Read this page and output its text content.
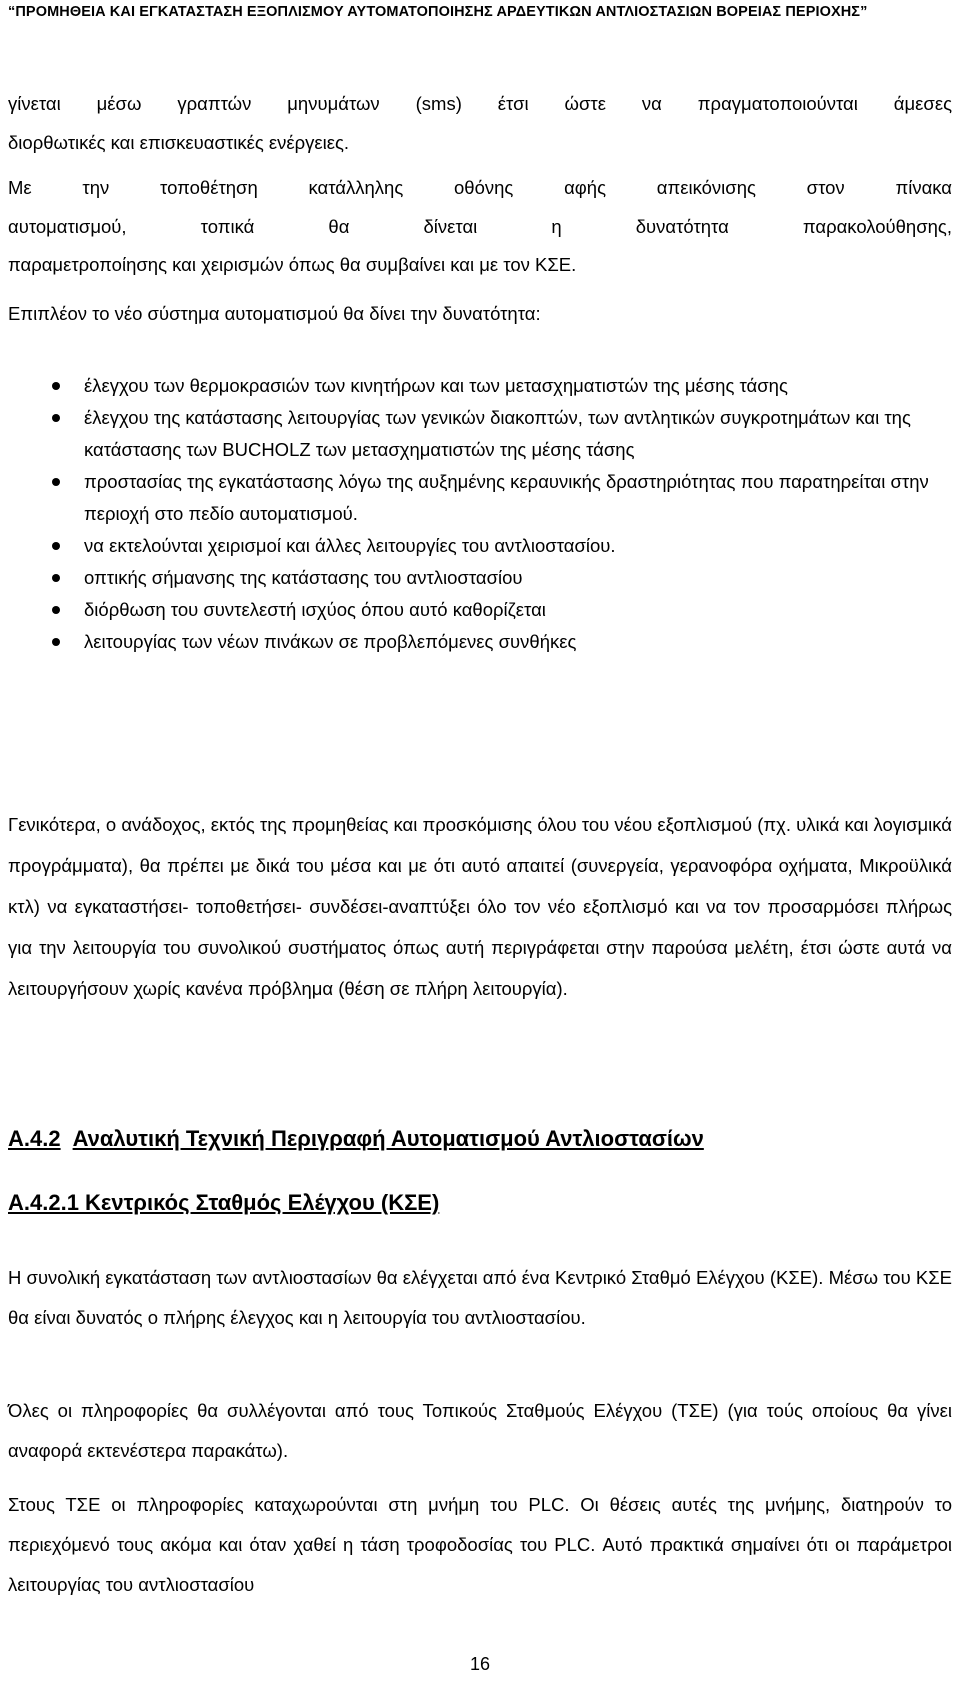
“ΠΡΟΜΗΘΕΙΑ ΚΑΙ ΕΓΚΑΤΑΣΤΑΣΗ ΕΞΟΠΛΙΣΜΟΥ ΑΥΤΟΜΑΤΟΠΟΙΗΣΗΣ ΑΡΔΕΥΤΙΚΩΝ ΑΝΤΛΙΟΣΤΑΣΙΩΝ ΒΟΡΕΙΑΣ ΠΕΡΙΟΧΗΣ”
γίνεται μέσω γραπτών μηνυμάτων (sms) έτσι ώστε να πραγματοποιούνται άμεσες
διορθωτικές και επισκευαστικές ενέργειες.
Με την τοποθέτηση κατάλληλης οθόνης αφής απεικόνισης στον πίνακα
αυτοματισμού, τοπικά θα δίνεται η δυνατότητα παρακολούθησης,
παραμετροποίησης και χειρισμών όπως θα συμβαίνει και με τον ΚΣΕ.
Επιπλέον το νέο σύστημα αυτοματισμού θα δίνει την δυνατότητα:
έλεγχου των θερμοκρασιών των κινητήρων και των μετασχηματιστών της μέσης τάσης
έλεγχου της κατάστασης λειτουργίας των γενικών διακοπτών, των αντλητικών συγκροτημάτων και της κατάστασης των BUCHOLZ των μετασχηματιστών της μέσης τάσης
προστασίας της εγκατάστασης λόγω της αυξημένης κεραυνικής δραστηριότητας που παρατηρείται στην περιοχή στο πεδίο αυτοματισμού.
να εκτελούνται χειρισμοί και άλλες λειτουργίες του αντλιοστασίου.
οπτικής σήμανσης της κατάστασης του αντλιοστασίου
διόρθωση του συντελεστή ισχύος όπου αυτό καθορίζεται
λειτουργίας των νέων πινάκων σε προβλεπόμενες συνθήκες
Γενικότερα, ο ανάδοχος, εκτός της προμηθείας και προσκόμισης όλου του νέου εξοπλισμού (πχ. υλικά και λογισμικά προγράμματα), θα πρέπει με δικά του μέσα και με ότι αυτό απαιτεί (συνεργεία, γερανοφόρα οχήματα, Μικροϋλικά κτλ) να εγκαταστήσει- τοποθετήσει- συνδέσει-αναπτύξει όλο τον νέο εξοπλισμό και να τον προσαρμόσει πλήρως για την λειτουργία του συνολικού συστήματος όπως αυτή περιγράφεται στην παρούσα μελέτη, έτσι ώστε αυτά να λειτουργήσουν χωρίς κανένα πρόβλημα (θέση σε πλήρη λειτουργία).
Α.4.2 Αναλυτική Τεχνική Περιγραφή Αυτοματισμού Αντλιοστασίων
Α.4.2.1 Κεντρικός Σταθμός Ελέγχου (ΚΣΕ)
Η συνολική εγκατάσταση των αντλιοστασίων θα ελέγχεται από ένα Κεντρικό Σταθμό Ελέγχου (ΚΣΕ). Μέσω του ΚΣΕ θα είναι δυνατός ο πλήρης έλεγχος και η λειτουργία του αντλιοστασίου.
Όλες οι πληροφορίες θα συλλέγονται από τους Τοπικούς Σταθμούς Ελέγχου (ΤΣΕ) (για τούς οποίους θα γίνει αναφορά εκτενέστερα παρακάτω).
Στους ΤΣΕ οι πληροφορίες καταχωρούνται στη μνήμη του PLC. Οι θέσεις αυτές της μνήμης, διατηρούν το περιεχόμενό τους ακόμα και όταν χαθεί η τάση τροφοδοσίας του PLC. Αυτό πρακτικά σημαίνει ότι οι παράμετροι λειτουργίας του αντλιοστασίου
16
